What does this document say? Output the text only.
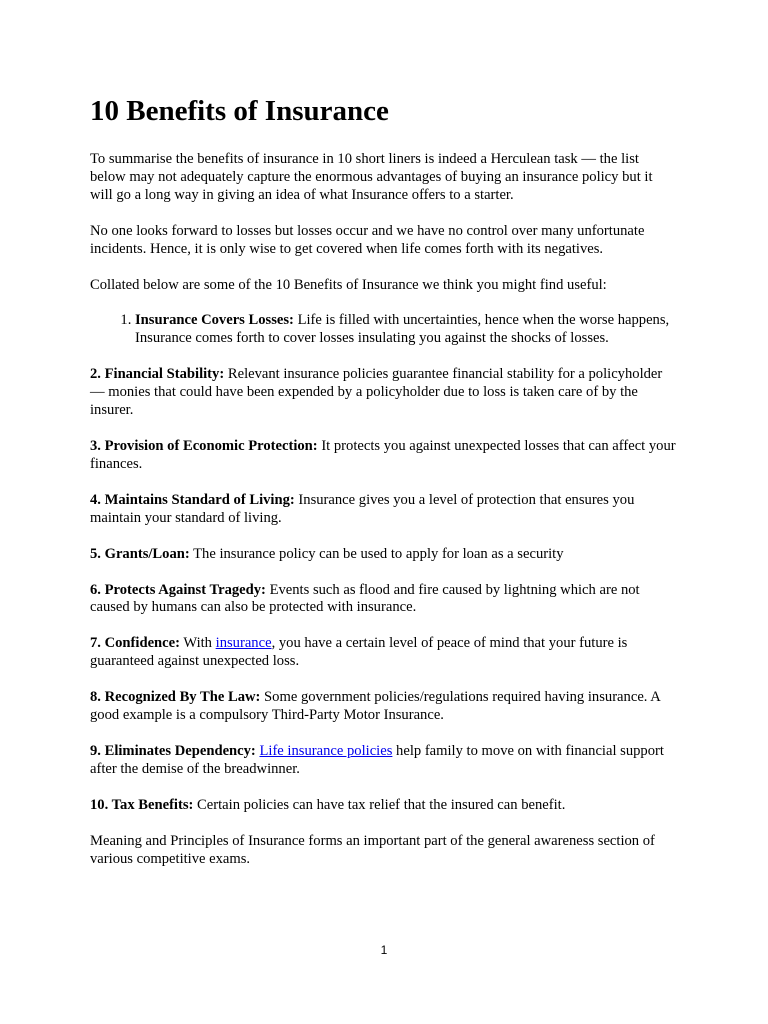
10 Benefits of Insurance

To summarise the benefits of insurance in 10 short liners is indeed a Herculean task — the list below may not adequately capture the enormous advantages of buying an insurance policy but it will go a long way in giving an idea of what Insurance offers to a starter.

No one looks forward to losses but losses occur and we have no control over many unfortunate incidents. Hence, it is only wise to get covered when life comes forth with its negatives.

Collated below are some of the 10 Benefits of Insurance we think you might find useful:

1. Insurance Covers Losses: Life is filled with uncertainties, hence when the worse happens, Insurance comes forth to cover losses insulating you against the shocks of losses.

2. Financial Stability: Relevant insurance policies guarantee financial stability for a policyholder — monies that could have been expended by a policyholder due to loss is taken care of by the insurer.

3. Provision of Economic Protection: It protects you against unexpected losses that can affect your finances.

4. Maintains Standard of Living: Insurance gives you a level of protection that ensures you maintain your standard of living.

5. Grants/Loan: The insurance policy can be used to apply for loan as a security

6. Protects Against Tragedy: Events such as flood and fire caused by lightning which are not caused by humans can also be protected with insurance.

7. Confidence: With insurance, you have a certain level of peace of mind that your future is guaranteed against unexpected loss.

8. Recognized By The Law: Some government policies/regulations required having insurance. A good example is a compulsory Third-Party Motor Insurance.

9. Eliminates Dependency: Life insurance policies help family to move on with financial support after the demise of the breadwinner.

10. Tax Benefits: Certain policies can have tax relief that the insured can benefit.

Meaning and Principles of Insurance forms an important part of the general awareness section of various competitive exams.

1
